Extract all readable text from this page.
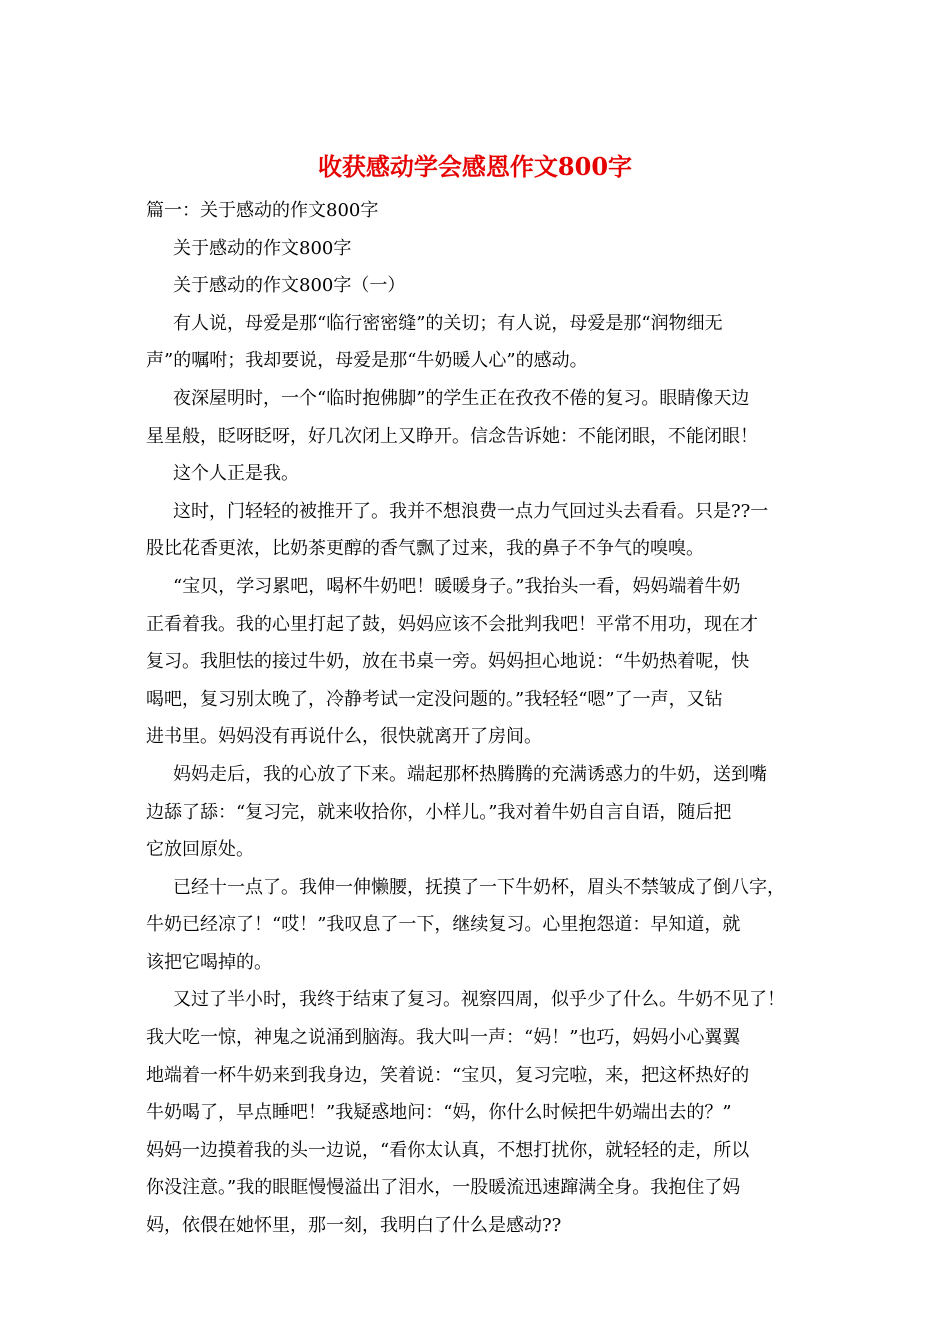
收获感动学会感恩作文800字
篇一：关于感动的作文800字
关于感动的作文800字
关于感动的作文800字（一）
有人说，母爱是那“临行密密缝”的关切；有人说，母爱是那“润物细无
声”的嘱咐；我却要说，母爱是那“牛奶暖人心”的感动。
夜深屋明时，一个“临时抱佛脚”的学生正在孜孜不倦的复习。眼睛像天边
星星般，眨呀眨呀，好几次闭上又睁开。信念告诉她：不能闭眼，不能闭眼！
这个人正是我。
这时，门轻轻的被推开了。我并不想浪费一点力气回过头去看看。只是??一
股比花香更浓，比奶茶更醇的香气飘了过来，我的鼻子不争气的嗅嗅。
“宝贝，学习累吧，喝杯牛奶吧！暖暖身子。”我抬头一看，妈妈端着牛奶
正看着我。我的心里打起了鼓，妈妈应该不会批判我吧！平常不用功，现在才
复习。我胆怯的接过牛奶，放在书桌一旁。妈妈担心地说：“牛奶热着呢，快
喝吧，复习别太晚了，冷静考试一定没问题的。”我轻轻“嗯”了一声，又钻
进书里。妈妈没有再说什么，很快就离开了房间。
妈妈走后，我的心放了下来。端起那杯热腾腾的充满诱惑力的牛奶，送到嘴
边舔了舔：“复习完，就来收拾你，小样儿。”我对着牛奶自言自语，随后把
它放回原处。
已经十一点了。我伸一伸懒腰，抚摸了一下牛奶杯，眉头不禁皱成了倒八字，
牛奶已经凉了！“哎！”我叹息了一下，继续复习。心里抱怨道：早知道，就
该把它喝掉的。
又过了半小时，我终于结束了复习。视察四周，似乎少了什么。牛奶不见了！
我大吃一惊，神鬼之说涌到脑海。我大叫一声：“妈！”也巧，妈妈小心翼翼
地端着一杯牛奶来到我身边，笑着说：“宝贝，复习完啦，来，把这杯热好的
牛奶喝了，早点睡吧！”我疑惑地问：“妈，你什么时候把牛奶端出去的？”
妈妈一边摸着我的头一边说，“看你太认真，不想打扰你，就轻轻的走，所以
你没注意。”我的眼眶慢慢溢出了泪水，一股暖流迅速蹿满全身。我抱住了妈
妈，依偎在她怀里，那一刻，我明白了什么是感动??
